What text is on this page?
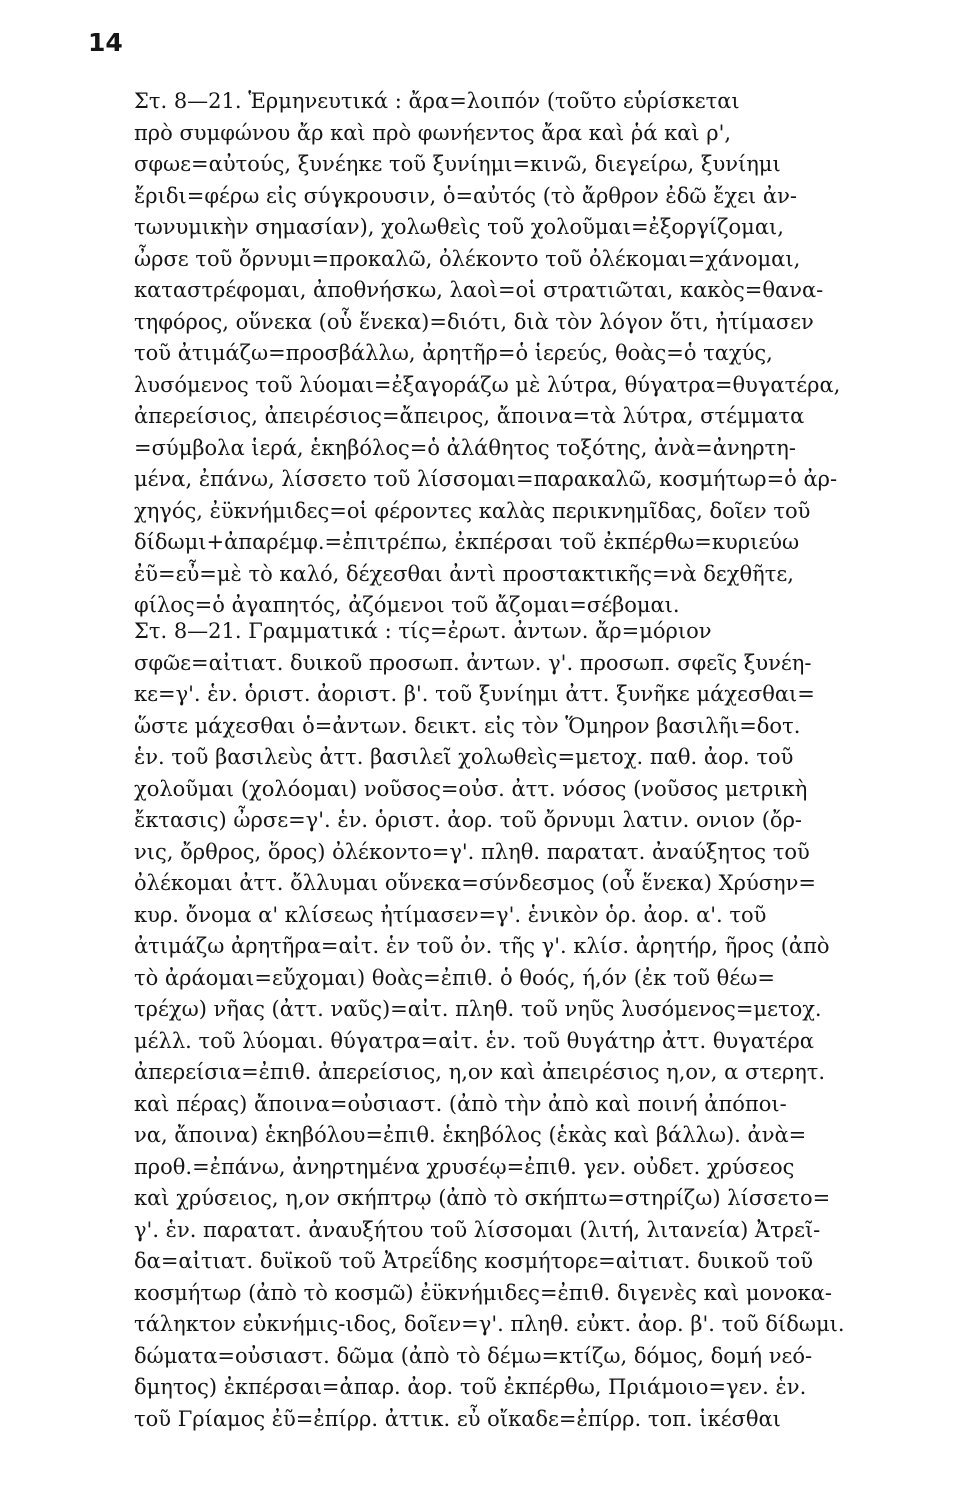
14
Στ. 8—21. Ἑρμηνευτικά : ἄρα=λοιπόν (τοῦτο εὑρίσκεται
πρὸ συμφώνου ἄρ καὶ πρὸ φωνήεντος ἄρα καὶ ῥά καὶ ρ',
σφωε=αὐτούς, ξυνέηκε τοῦ ξυνίημι=κινῶ, διεγείρω, ξυνίημι
ἔριδι=φέρω εἰς σύγκρουσιν, ὁ=αὐτός (τὸ ἄρθρον ἐδῶ ἔχει ἀν-
τωνυμικὴν σημασίαν), χολωθεὶς τοῦ χολοῦμαι=ἐξοργίζομαι,
ὦρσε τοῦ ὄρνυμι=προκαλῶ, ὀλέκοντο τοῦ ὀλέκομαι=χάνομαι,
καταστρέφομαι, ἀποθνήσκω, λαοὶ=οἱ στρατιῶται, κακὸς=θανα-
τηφόρος, οὕνεκα (οὗ ἕνεκα)=διότι, διὰ τὸν λόγον ὅτι, ἠτίμασεν
τοῦ ἀτιμάζω=προσβάλλω, ἀρητῆρ=ὁ ἱερεύς, θοὰς=ὁ ταχύς,
λυσόμενος τοῦ λύομαι=ἐξαγοράζω μὲ λύτρα, θύγατρα=θυγατέρα,
ἀπερείσιος, ἀπειρέσιος=ἄπειρος, ἄποινα=τὰ λύτρα, στέμματα
=σύμβολα ἱερά, ἑκηβόλος=ὁ ἀλάθητος τοξότης, ἀνὰ=ἀνηρτη-
μένα, ἐπάνω, λίσσετο τοῦ λίσσομαι=παρακαλῶ, κοσμήτωρ=ὁ ἀρ-
χηγός, ἐϋκνήμιδες=οἱ φέροντες καλὰς περικνημῖδας, δοῖεν τοῦ
δίδωμι+ἀπαρέμφ.=ἐπιτρέπω, ἐκπέρσαι τοῦ ἐκπέρθω=κυριεύω
ἐῦ=εὖ=μὲ τὸ καλό, δέχεσθαι ἀντὶ προστακτικῆς=νὰ δεχθῆτε,
φίλος=ὁ ἀγαπητός, ἀζόμενοι τοῦ ἄζομαι=σέβομαι.
Στ. 8—21. Γραμματικά : τίς=ἐρωτ. ἀντων. ἄρ=μόριον
σφῶε=αἰτιατ. δυικοῦ προσωπ. ἀντων. γ'. προσωπ. σφεῖς ξυνέη-
κε=γ'. ἑν. ὁριστ. ἀοριστ. β'. τοῦ ξυνίημι ἀττ. ξυνῆκε μάχεσθαι=
ὥστε μάχεσθαι ὁ=ἀντων. δεικτ. εἰς τὸν Ὅμηρον βασιλῆι=δοτ.
ἑν. τοῦ βασιλεὺς ἀττ. βασιλεῖ χολωθεὶς=μετοχ. παθ. ἀορ. τοῦ
χολοῦμαι (χολόομαι) νοῦσος=οὐσ. ἀττ. νόσος (νοῦσος μετρικὴ
ἔκτασις) ὦρσε=γ'. ἑν. ὁριστ. ἀορ. τοῦ ὄρνυμι λατιν. ονιον (ὄρ-
νις, ὄρθρος, ὅρος) ὀλέκοντο=γ'. πληθ. παρατατ. ἀναύξητος τοῦ
ὀλέκομαι ἀττ. ὄλλυμαι οὕνεκα=σύνδεσμος (οὗ ἕνεκα) Χρύσην=
κυρ. ὄνομα α' κλίσεως ἠτίμασεν=γ'. ἑνικὸν ὁρ. ἀορ. α'. τοῦ
ἀτιμάζω ἀρητῆρα=αἰτ. ἑν τοῦ ὀν. τῆς γ'. κλίσ. ἀρητήρ, ῆρος (ἀπὸ
τὸ ἀράομαι=εὔχομαι) θοὰς=ἐπιθ. ὁ θοός, ή,όν (ἐκ τοῦ θέω=
τρέχω) νῆας (ἀττ. ναῦς)=αἰτ. πληθ. τοῦ νηῦς λυσόμενος=μετοχ.
μέλλ. τοῦ λύομαι. θύγατρα=αἰτ. ἑν. τοῦ θυγάτηρ ἀττ. θυγατέρα
ἀπερείσια=ἐπιθ. ἀπερείσιος, η,ον καὶ ἀπειρέσιος η,ον, α στερητ.
καὶ πέρας) ἄποινα=οὐσιαστ. (ἀπὸ τὴν ἀπὸ καὶ ποινή ἀπόποι-
να, ἄποινα) ἑκηβόλου=ἐπιθ. ἑκηβόλος (ἑκὰς καὶ βάλλω). ἀνὰ=
προθ.=ἐπάνω, ἀνηρτημένα χρυσέῳ=ἐπιθ. γεν. οὐδετ. χρύσεος
καὶ χρύσειος, η,ον σκήπτρῳ (ἀπὸ τὸ σκήπτω=στηρίζω) λίσσετο=
γ'. ἑν. παρατατ. ἀναυξήτου τοῦ λίσσομαι (λιτή, λιτανεία) Ἀτρεῖ-
δα=αἰτιατ. δυϊκοῦ τοῦ Ἀτρεΐδης κοσμήτορε=αἰτιατ. δυικοῦ τοῦ
κοσμήτωρ (ἀπὸ τὸ κοσμῶ) ἐϋκνήμιδες=ἐπιθ. διγενὲς καὶ μονοκα-
τάληκτον εὐκνήμις-ιδος, δοῖεν=γ'. πληθ. εὐκτ. ἀορ. β'. τοῦ δίδωμι.
δώματα=οὐσιαστ. δῶμα (ἀπὸ τὸ δέμω=κτίζω, δόμος, δομή νεό-
δμητος) ἐκπέρσαι=ἀπαρ. ἀορ. τοῦ ἐκπέρθω, Πριάμοιο=γεν. ἑν.
τοῦ Γρίαμος ἐῦ=ἐπίρρ. ἀττικ. εὖ οἴκαδε=ἐπίρρ. τοπ. ἱκέσθαι
